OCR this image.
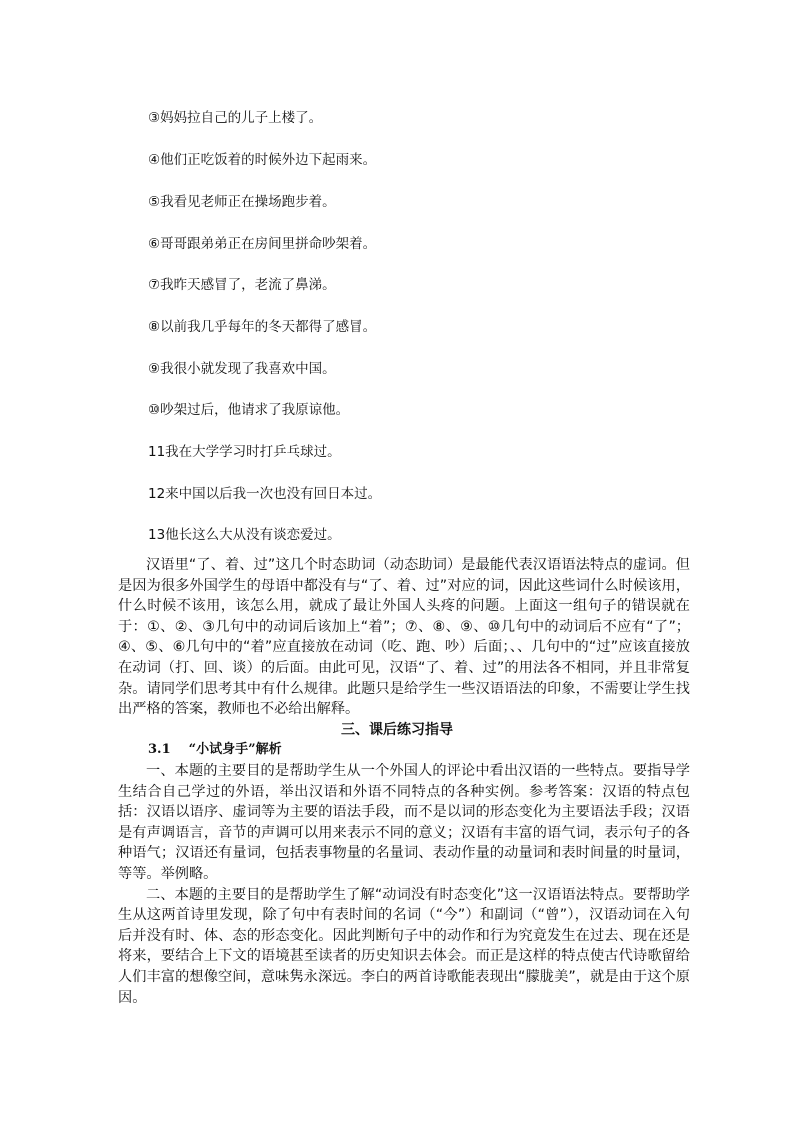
③妈妈拉自己的儿子上楼了。
④他们正吃饭着的时候外边下起雨来。
⑤我看见老师正在操场跑步着。
⑥哥哥跟弟弟正在房间里拼命吵架着。
⑦我昨天感冒了，老流了鼻涕。
⑧以前我几乎每年的冬天都得了感冒。
⑨我很小就发现了我喜欢中国。
⑩吵架过后，他请求了我原谅他。
11我在大学学习时打乒乓球过。
12来中国以后我一次也没有回日本过。
13他长这么大从没有谈恋爱过。

汉语里“了、着、过”这几个时态助词（动态助词）是最能代表汉语语法特点的虚词。但是因为很多外国学生的母语中都没有与“了、着、过”对应的词，因此这些词什么时候该用，什么时候不该用，该怎么用，就成了最让外国人头疼的问题。上面这一组句子的错误就在于：①、②、③几句中的动词后该加上“着”；⑦、⑧、⑨、⑩几句中的动词后不应有“了”；④、⑤、⑥几句中的“着”应直接放在动词（吃、跑、吵）后面；、、几句中的“过”应该直接放在动词（打、回、谈）的后面。由此可见，汉语“了、着、过”的用法各不相同，并且非常复杂。请同学们思考其中有什么规律。此题只是给学生一些汉语语法的印象，不需要让学生找出严格的答案，教师也不必给出解释。

三、课后练习指导
3.1 “小试身手”解析

一、本题的主要目的是帮助学生从一个外国人的评论中看出汉语的一些特点。要指导学生结合自己学过的外语，举出汉语和外语不同特点的各种实例。参考答案：汉语的特点包括：汉语以语序、虚词等为主要的语法手段，而不是以词的形态变化为主要语法手段；汉语是有声调语言，音节的声调可以用来表示不同的意义；汉语有丰富的语气词，表示句子的各种语气；汉语还有量词，包括表事物量的名量词、表动作量的动量词和表时间量的时量词，等等。举例略。

二、本题的主要目的是帮助学生了解“动词没有时态变化”这一汉语语法特点。要帮助学生从这两首诗里发现，除了句中有表时间的名词（“今”）和副词（“曾”），汉语动词在入句后并没有时、体、态的形态变化。因此判断句子中的动作和行为究竟发生在过去、现在还是将来，要结合上下文的语境甚至读者的历史知识去体会。而正是这样的特点使古代诗歌留给人们丰富的想像空间，意味隽永深远。李白的两首诗歌能表现出“朦胧美”，就是由于这个原因。
